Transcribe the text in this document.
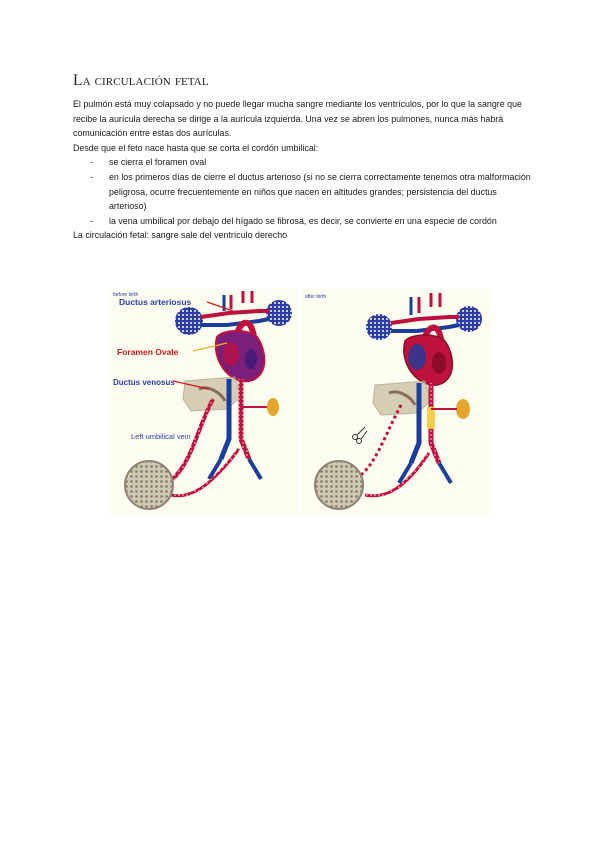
La circulación fetal

El pulmón está muy colapsado y no puede llegar mucha sangre mediante los ventrículos, por lo que la sangre que recibe la aurícula derecha se dirige a la aurícula izquierda. Una vez se abren los pulmones, nunca más habrá comunicación entre estas dos aurículas.

Desde que el feto nace hasta que se corta el cordón umbilical:

- se cierra el foramen oval
- en los primeros días de cierre el ductus arterioso (si no se cierra correctamente tenemos otra malformación peligrosa, ocurre frecuentemente en niños que nacen en altitudes grandes; persistencia del ductus arterioso)
- la vena umbilical por debajo del hígado se fibrosa, es decir, se convierte en una especie de cordón

La circulación fetal: sangre sale del ventrículo derecho

before birth
Ductus arteriosus
Foramen Ovale
Ductus venosus
Left umbilical vein
after birth
